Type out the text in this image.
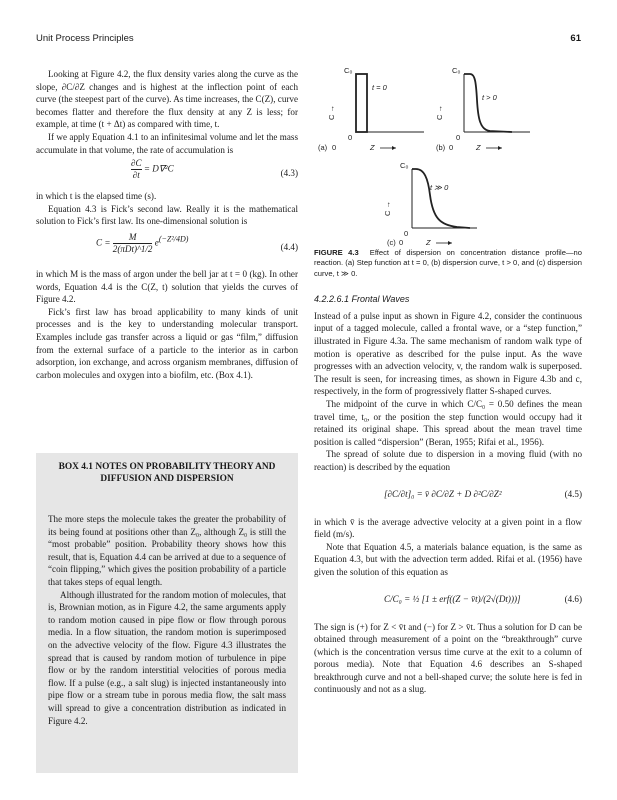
Unit Process Principles	61

Looking at Figure 4.2, the flux density varies along the curve as the slope, ∂C/∂Z changes and is highest at the inflection point of each curve (the steepest part of the curve). As time increases, the C(Z), curve becomes flatter and therefore the flux density at any Z is less; for example, at time (t + Δt) as compared with time, t.

If we apply Equation 4.1 to an infinitesimal volume and let the mass accumulate in that volume, the rate of accumulation is

$\frac{\partial C}{\partial t} = D\nabla^2C$	(4.3)

in which t is the elapsed time (s).

Equation 4.3 is Fick’s second law. Really it is the mathematical solution to Fick’s first law. Its one-dimensional solution is

$C = \frac{M}{\text{2(πDt)\textasciicircum{}1/2}} e^{(-Z^2/4D)}$
(4.4)

in which M is the mass of argon under the bell jar at t = 0 (kg). In other words, Equation 4.4 is the C(Z, t) solution that yields the curves of Figure 4.2.

Fick’s first law has broad applicability to many kinds of unit processes and is the key to understanding molecular transport. Examples include gas transfer across a liquid or gas “film,” diffusion from the external surface of a particle to the interior as in carbon adsorption, ion exchange, and across organism membranes, diffusion of carbon molecules and oxygen into a biofilm, etc. (Box 4.1).

BOX 4.1 NOTES ON PROBABILITY THEORY AND DIFFUSION AND DISPERSION

The more steps the molecule takes the greater the probability of its being found at positions other than Z₀, although Z₀ is still the “most probable” position. Probability theory shows how this result, that is, Equation 4.4 can be arrived at due to a sequence of “coin flipping,” which gives the position probability of a particle that takes steps of equal length.

Although illustrated for the random motion of molecules, that is, Brownian motion, as in Figure 4.2, the same arguments apply to random motion caused in pipe flow or flow through porous media. In a flow situation, the random motion is superimposed on the advective velocity of the flow. Figure 4.3 illustrates the spread that is caused by random motion of turbulence in pipe flow or by the random interstitial velocities of porous media flow. If a pulse (e.g., a salt slug) is injected instantaneously into pipe flow or a stream tube in porous media flow, the salt mass will spread to give a concentration distribution as indicated in Figure 4.2.

C₀
t = 0
C →
0
(a) 0	Z
C₀
t > 0
C →
0
(b) 0	Z
C₀
t ≫ 0
C →
0
(c) 0	Z
FIGURE 4.3 Effect of dispersion on concentration distance profile—no reaction. (a) Step function at t = 0, (b) dispersion curve, t > 0, and (c) dispersion curve, t ≫ 0.
4.2.2.6.1 Frontal Waves

Instead of a pulse input as shown in Figure 4.2, consider the continuous input of a tagged molecule, called a frontal wave, or a “step function,” illustrated in Figure 4.3a. The same mechanism of random walk type of motion is operative as described for the pulse input. As the wave progresses with an advection velocity, v, the random walk is superposed. The result is seen, for increasing times, as shown in Figure 4.3b and c, respectively, in the form of progressively flatter S-shaped curves.

The midpoint of the curve in which C/C₀ = 0.50 defines the mean travel time, t₀, or the position the step function would occupy had it retained its original shape. This spread about the mean travel time position is called “dispersion” (Beran, 1955; Rifai et al., 1956).

The spread of solute due to dispersion in a moving fluid (with no reaction) is described by the equation

[∂C/∂t]₀ = v̄ ∂C/∂Z + D ∂²C/∂Z²	(4.5)

in which v̄ is the average advective velocity at a given point in a flow field (m/s).

Note that Equation 4.5, a materials balance equation, is the same as Equation 4.3, but with the advection term added. Rifai et al. (1956) have given the solution of this equation as

C/C₀ = ½ [1 ± erf((Z − v̄t)/(2√(Dt)))]	(4.6)

The sign is (+) for Z < v̄t and (−) for Z > v̄t. Thus a solution for D can be obtained through measurement of a point on the “breakthrough” curve (which is the concentration versus time curve at the exit to a column of porous media). Note that Equation 4.6 describes an S-shaped breakthrough curve and not a bell-shaped curve; the solute here is fed in continuously and not as a slug.
